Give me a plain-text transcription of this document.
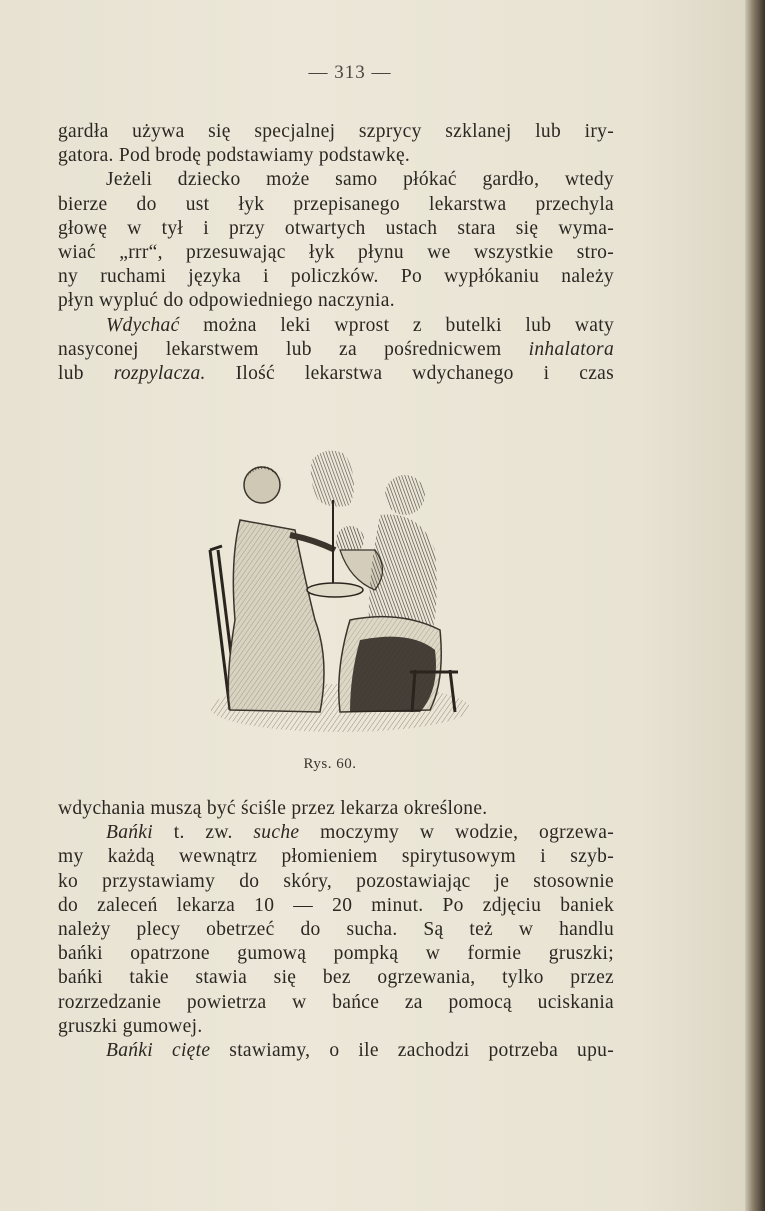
— 313 —
gardła używa się specjalnej szprycy szklanej lub iry-
gatora. Pod brodę podstawiamy podstawkę.
Jeżeli dziecko może samo płókać gardło, wtedy
bierze do ust łyk przepisanego lekarstwa przechyla
głowę w tył i przy otwartych ustach stara się wyma-
wiać „rrr“, przesuwając łyk płynu we wszystkie stro-
ny ruchami języka i policzków. Po wypłókaniu należy
płyn wypluć do odpowiedniego naczynia.
Wdychać można leki wprost z butelki lub waty
nasyconej lekarstwem lub za pośrednicwem inhalatora
lub rozpylacza. Ilość lekarstwa wdychanego i czas
Rys. 60.
wdychania muszą być ściśle przez lekarza określone.
Bańki t. zw. suche moczymy w wodzie, ogrzewa-
my każdą wewnątrz płomieniem spirytusowym i szyb-
ko przystawiamy do skóry, pozostawiając je stosownie
do zaleceń lekarza 10 — 20 minut. Po zdjęciu baniek
należy plecy obetrzeć do sucha. Są też w handlu
bańki opatrzone gumową pompką w formie gruszki;
bańki takie stawia się bez ogrzewania, tylko przez
rozrzedzanie powietrza w bańce za pomocą uciskania
gruszki gumowej.
Bańki cięte stawiamy, o ile zachodzi potrzeba upu-
